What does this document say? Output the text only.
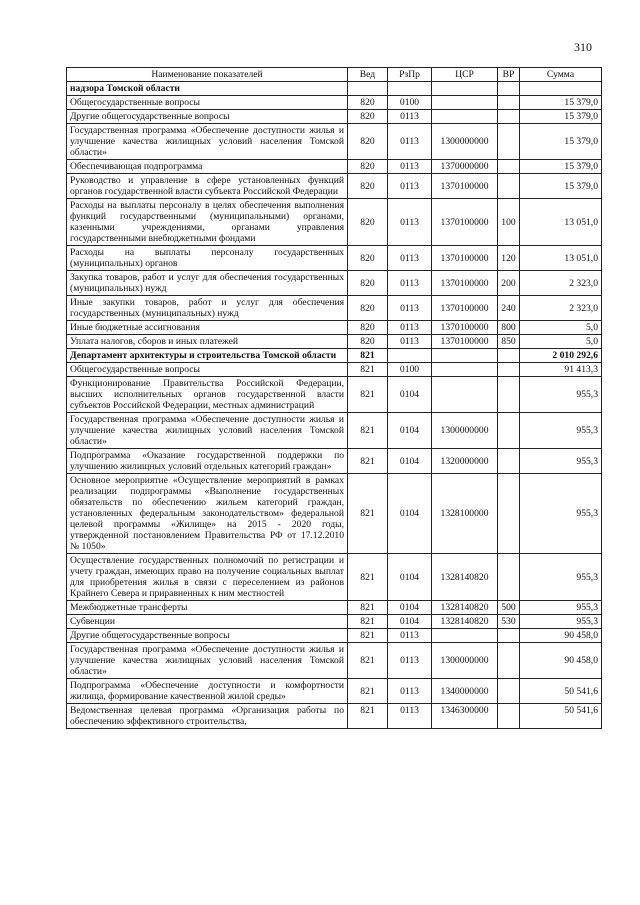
310
Наименование показателей	Вед	РзПр	ЦСР	ВР	Сумма
надзора Томской области					
Общегосударственные вопросы	820	0100			15 379,0
Другие общегосударственные вопросы	820	0113			15 379,0
Государственная программа «Обеспечение доступности жилья и улучшение качества жилищных условий населения Томской области»	820	0113	1300000000		15 379,0
Обеспечивающая подпрограмма	820	0113	1370000000		15 379,0
Руководство и управление в сфере установленных функций органов государственной власти субъекта Российской Федерации	820	0113	1370100000		15 379,0
Расходы на выплаты персоналу в целях обеспечения выполнения функций государственными (муниципальными) органами, казенными учреждениями, органами управления государственными внебюджетными фондами	820	0113	1370100000	100	13 051,0
Расходы на выплаты персоналу государственных (муниципальных) органов	820	0113	1370100000	120	13 051,0
Закупка товаров, работ и услуг для обеспечения государственных (муниципальных) нужд	820	0113	1370100000	200	2 323,0
Иные закупки товаров, работ и услуг для обеспечения государственных (муниципальных) нужд	820	0113	1370100000	240	2 323,0
Иные бюджетные ассигнования	820	0113	1370100000	800	5,0
Уплата налогов, сборов и иных платежей	820	0113	1370100000	850	5,0
Департамент архитектуры и строительства Томской области	821				2 010 292,6
Общегосударственные вопросы	821	0100			91 413,3
Функционирование Правительства Российской Федерации, высших исполнительных органов государственной власти субъектов Российской Федерации, местных администраций	821	0104			955,3
Государственная программа «Обеспечение доступности жилья и улучшение качества жилищных условий населения Томской области»	821	0104	1300000000		955,3
Подпрограмма «Оказание государственной поддержки по улучшению жилищных условий отдельных категорий граждан»	821	0104	1320000000		955,3
Основное мероприятие «Осуществление мероприятий в рамках реализации подпрограммы «Выполнение государственных обязательств по обеспечению жильем категорий граждан, установленных федеральным законодательством» федеральной целевой программы «Жилище» на 2015 - 2020 годы, утвержденной постановлением Правительства РФ от 17.12.2010 № 1050»	821	0104	1328100000		955,3
Осуществление государственных полномочий по регистрации и учету граждан, имеющих право на получение социальных выплат для приобретения жилья в связи с переселением из районов Крайнего Севера и приравненных к ним местностей	821	0104	1328140820		955,3
Межбюджетные трансферты	821	0104	1328140820	500	955,3
Субвенции	821	0104	1328140820	530	955,3
Другие общегосударственные вопросы	821	0113			90 458,0
Государственная программа «Обеспечение доступности жилья и улучшение качества жилищных условий населения Томской области»	821	0113	1300000000		90 458,0
Подпрограмма «Обеспечение доступности и комфортности жилища, формирование качественной жилой среды»	821	0113	1340000000		50 541,6
Ведомственная целевая программа «Организация работы по обеспечению эффективного строительства,	821	0113	1346300000		50 541,6
